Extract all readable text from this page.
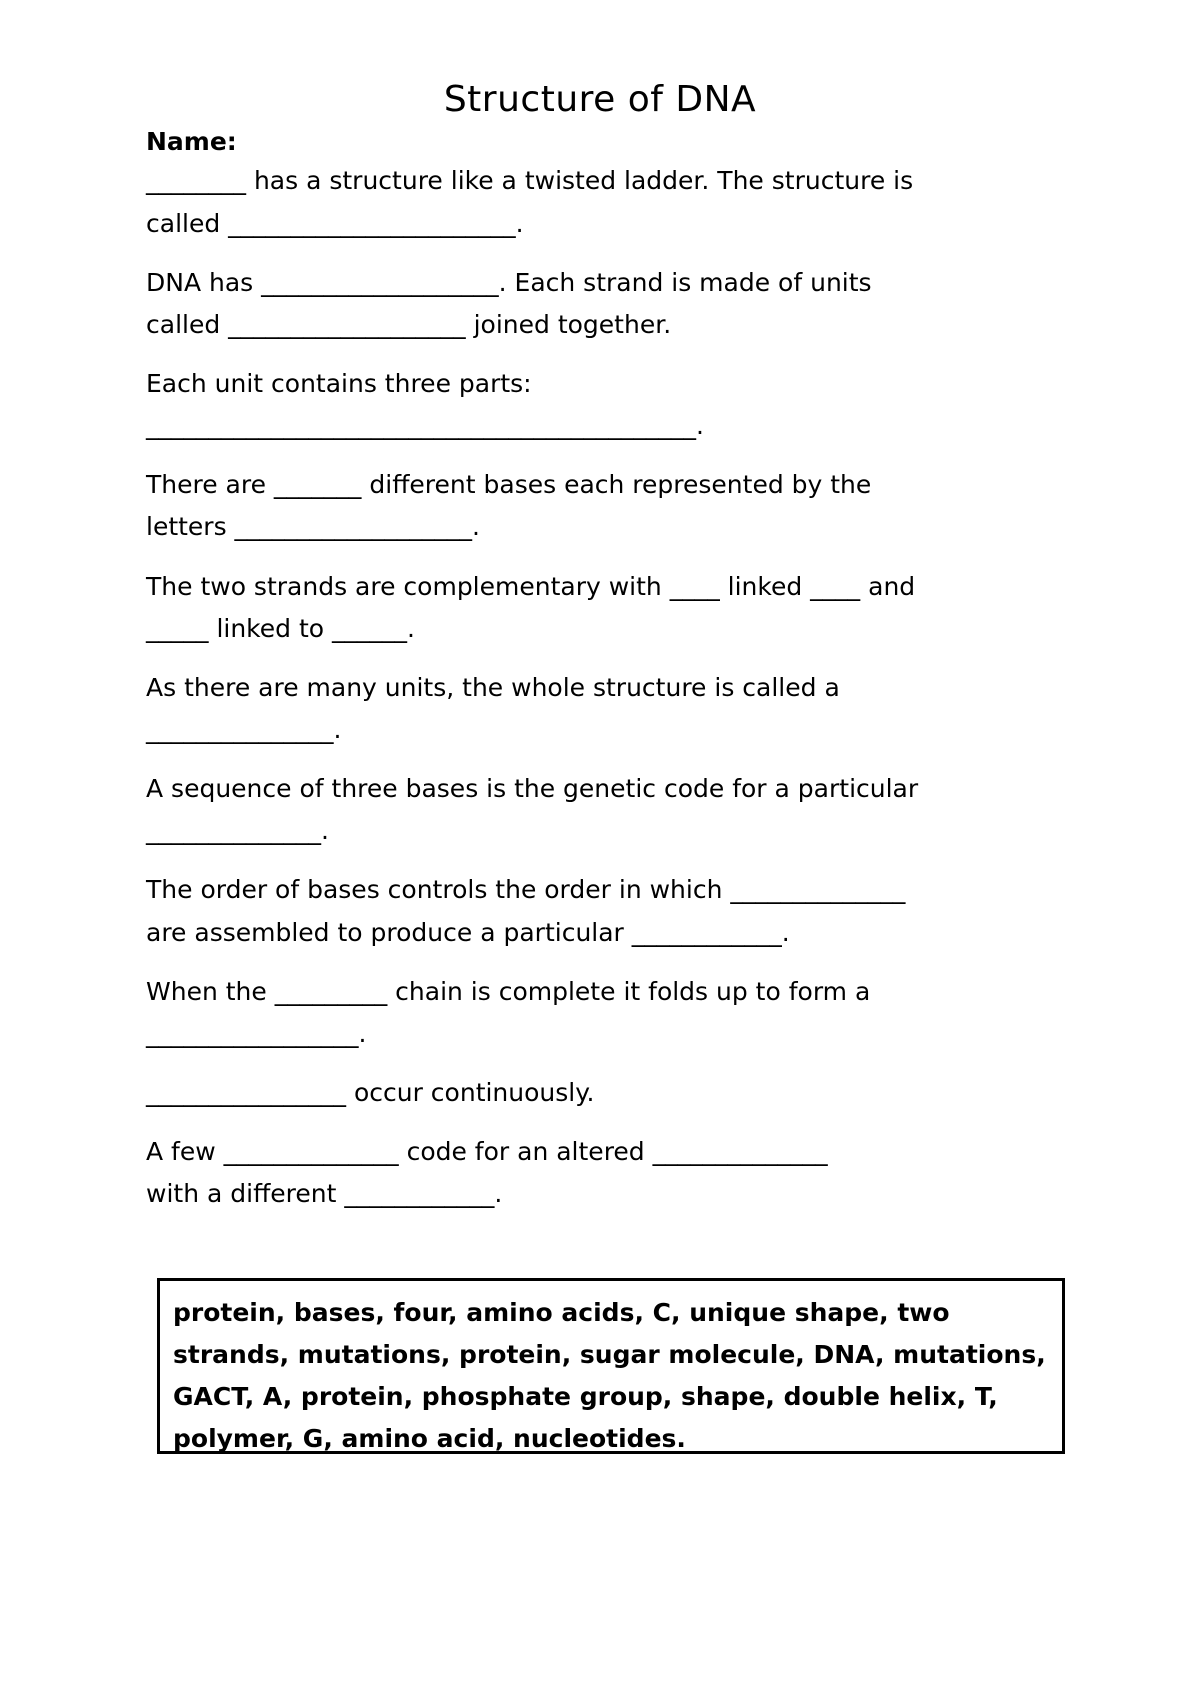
Structure of DNA
Name:
________ has a structure like a twisted ladder. The structure is
called _______________________.
DNA has ___________________. Each strand is made of units
called ___________________ joined together.
Each unit contains three parts:
____________________________________________.
There are _______ different bases each represented by the
letters ___________________.
The two strands are complementary with ____ linked ____ and
_____ linked to ______.
As there are many units, the whole structure is called a
_______________.
A sequence of three bases is the genetic code for a particular
______________.
The order of bases controls the order in which ______________
are assembled to produce a particular ____________.
When the _________ chain is complete it folds up to form a
_________________.
________________ occur continuously.
A few ______________ code for an altered ______________
with a different ____________.
protein, bases, four, amino acids, C, unique shape, two
strands, mutations, protein, sugar molecule, DNA, mutations,
GACT, A, protein, phosphate group, shape, double helix, T,
polymer, G, amino acid, nucleotides.
